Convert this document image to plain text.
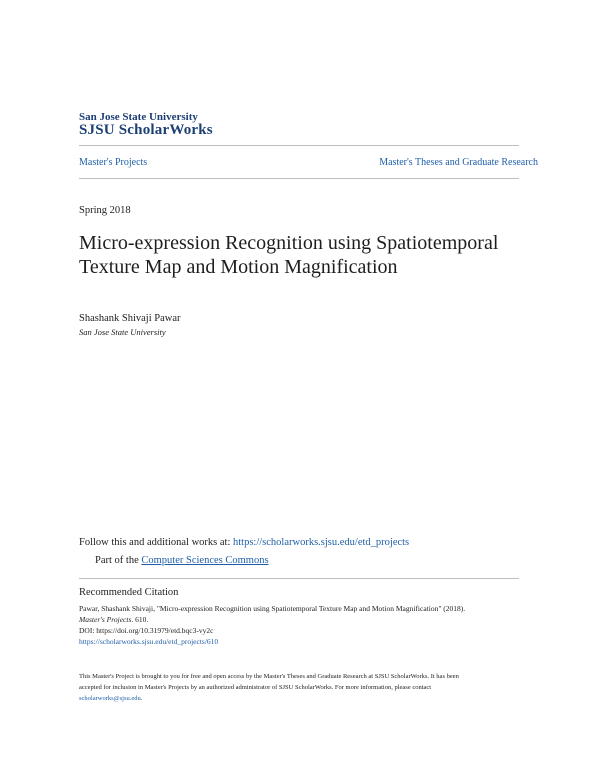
San Jose State University
SJSU ScholarWorks
Master's Projects	Master's Theses and Graduate Research
Spring 2018
Micro-expression Recognition using Spatiotemporal Texture Map and Motion Magnification
Shashank Shivaji Pawar
San Jose State University
Follow this and additional works at: https://scholarworks.sjsu.edu/etd_projects
Part of the Computer Sciences Commons
Recommended Citation
Pawar, Shashank Shivaji, "Micro-expression Recognition using Spatiotemporal Texture Map and Motion Magnification" (2018).
Master's Projects. 610.
DOI: https://doi.org/10.31979/etd.bqc3-vy2c
https://scholarworks.sjsu.edu/etd_projects/610
This Master's Project is brought to you for free and open access by the Master's Theses and Graduate Research at SJSU ScholarWorks. It has been
accepted for inclusion in Master's Projects by an authorized administrator of SJSU ScholarWorks. For more information, please contact
scholarworks@sjsu.edu.
